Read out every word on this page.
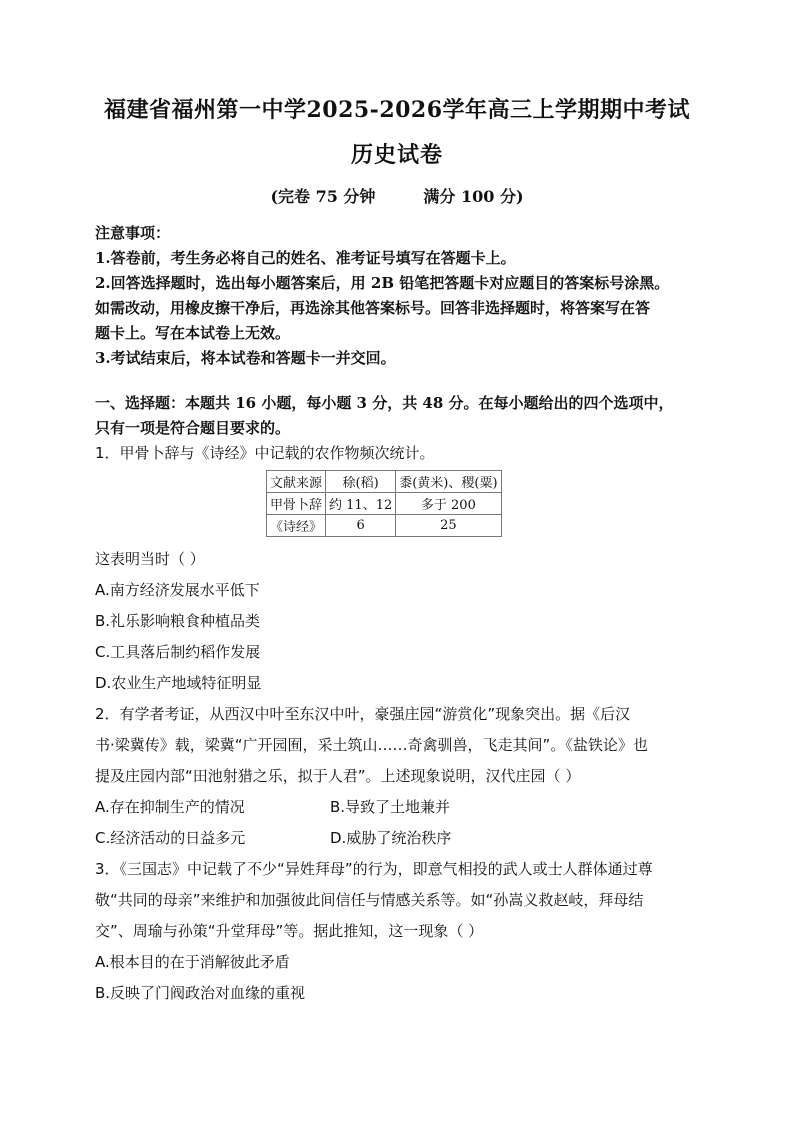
福建省福州第一中学2025-2026学年高三上学期期中考试
历史试卷
(完卷 75 分钟	满分 100 分)
注意事项：
1.答卷前，考生务必将自己的姓名、准考证号填写在答题卡上。
2.回答选择题时，选出每小题答案后，用 2B 铅笔把答题卡对应题目的答案标号涂黑。
如需改动，用橡皮擦干净后，再选涂其他答案标号。回答非选择题时，将答案写在答
题卡上。写在本试卷上无效。
3.考试结束后，将本试卷和答题卡一并交回。
一、选择题：本题共 16 小题，每小题 3 分，共 48 分。在每小题给出的四个选项中，
只有一项是符合题目要求的。
1．甲骨卜辞与《诗经》中记载的农作物频次统计。
文献来源	稌(稻)	黍(黄米)、稷(粟)
甲骨卜辞	约 11、12	多于 200
《诗经》	6	25
这表明当时（ ）
A.南方经济发展水平低下
B.礼乐影响粮食种植品类
C.工具落后制约稻作发展
D.农业生产地域特征明显
2．有学者考证，从西汉中叶至东汉中叶，豪强庄园“游赏化”现象突出。据《后汉
书·梁冀传》载，梁冀“广开园囿，采土筑山……奇禽驯兽，飞走其间”。《盐铁论》也
提及庄园内部“田池射猎之乐，拟于人君”。上述现象说明，汉代庄园（ ）
A.存在抑制生产的情况	B.导致了土地兼并
C.经济活动的日益多元	D.威胁了统治秩序
3．《三国志》中记载了不少“异姓拜母”的行为，即意气相投的武人或士人群体通过尊
敬“共同的母亲”来维护和加强彼此间信任与情感关系等。如“孙嵩义救赵岐，拜母结
交”、周瑜与孙策“升堂拜母”等。据此推知，这一现象（ ）
A.根本目的在于消解彼此矛盾
B.反映了门阀政治对血缘的重视
